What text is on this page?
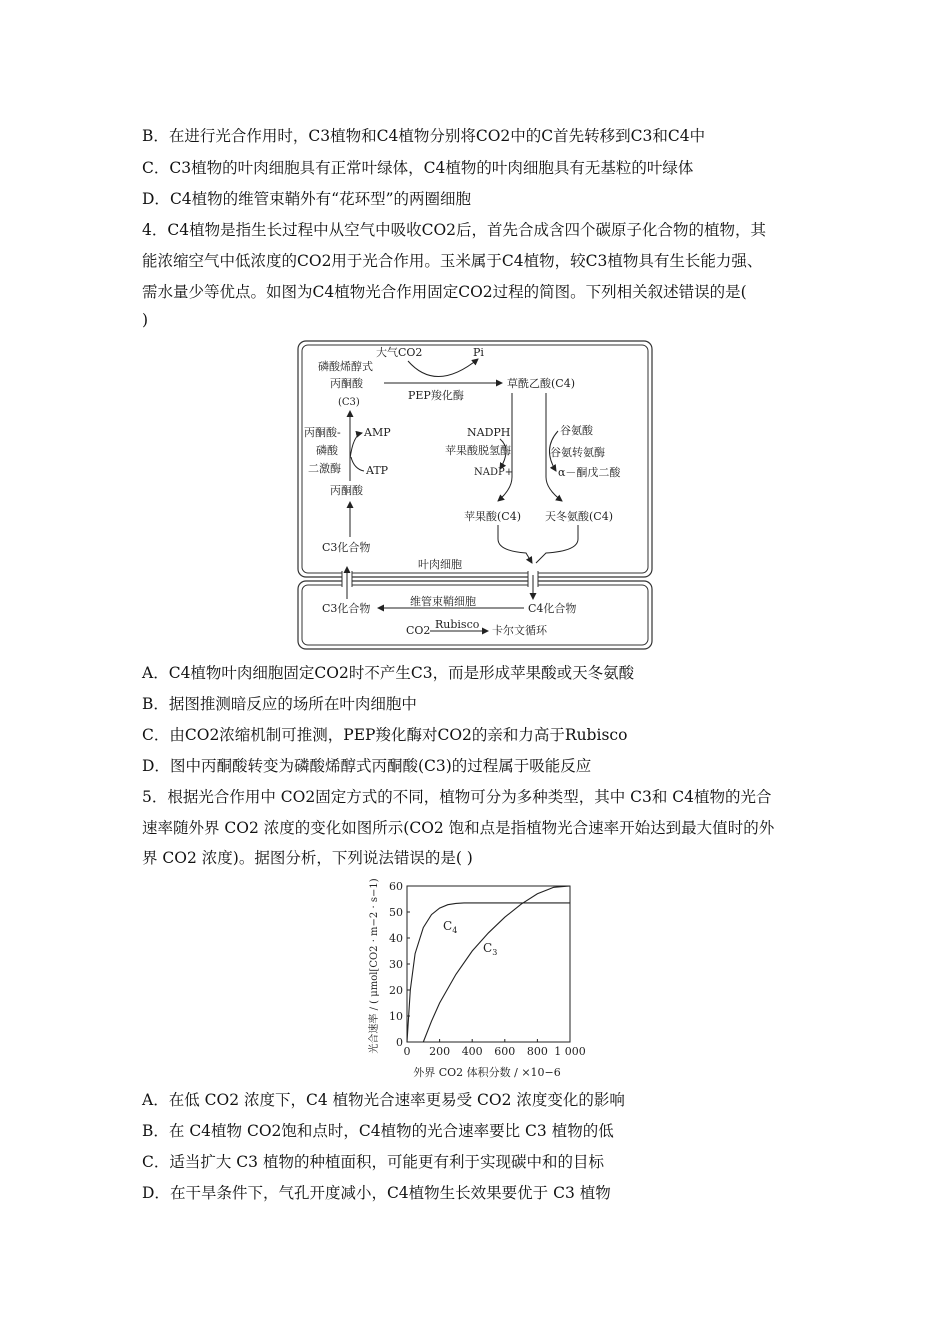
B．在进行光合作用时，C3植物和C4植物分别将CO2中的C首先转移到C3和C4中
C．C3植物的叶肉细胞具有正常叶绿体，C4植物的叶肉细胞具有无基粒的叶绿体
D．C4植物的维管束鞘外有“花环型”的两圈细胞
4．C4植物是指生长过程中从空气中吸收CO2后，首先合成含四个碳原子化合物的植物，其
能浓缩空气中低浓度的CO2用于光合作用。玉米属于C4植物，较C3植物具有生长能力强、
需水量少等优点。如图为C4植物光合作用固定CO2过程的简图。下列相关叙述错误的是(
)
大气CO2	Pi
磷酸烯醇式
丙酮酸
(C3)
PEP羧化酶
草酰乙酸(C4)
丙酮酸-
磷酸
二激酶
AMP
ATP
丙酮酸
C3化合物
NADPH
苹果酸脱氢酶
NADP+
谷氨酸
谷氨转氨酶
α－酮戊二酸
苹果酸(C4) 天冬氨酸(C4)
叶肉细胞
维管束鞘细胞
C3化合物	C4化合物
CO2 Rubisco 卡尔文循环
A．C4植物叶肉细胞固定CO2时不产生C3，而是形成苹果酸或天冬氨酸
B．据图推测暗反应的场所在叶肉细胞中
C．由CO2浓缩机制可推测，PEP羧化酶对CO2的亲和力高于Rubisco
D．图中丙酮酸转变为磷酸烯醇式丙酮酸(C3)的过程属于吸能反应
5．根据光合作用中 CO2固定方式的不同，植物可分为多种类型，其中 C3和 C4植物的光合
速率随外界 CO2 浓度的变化如图所示(CO2 饱和点是指植物光合速率开始达到最大值时的外
界 CO2 浓度)。据图分析，下列说法错误的是( )
0 200 400 600 800 1 000
0
10
20
30
40
50
60
$C_4$
$C_3$
外界 CO2 体积分数 / ×10−6
光合速率 / ( μmol[CO2 · m−2 · s−1)
A．在低 CO2 浓度下，C4 植物光合速率更易受 CO2 浓度变化的影响
B．在 C4植物 CO2饱和点时，C4植物的光合速率要比 C3 植物的低
C．适当扩大 C3 植物的种植面积，可能更有利于实现碳中和的目标
D．在干旱条件下，气孔开度减小，C4植物生长效果要优于 C3 植物
